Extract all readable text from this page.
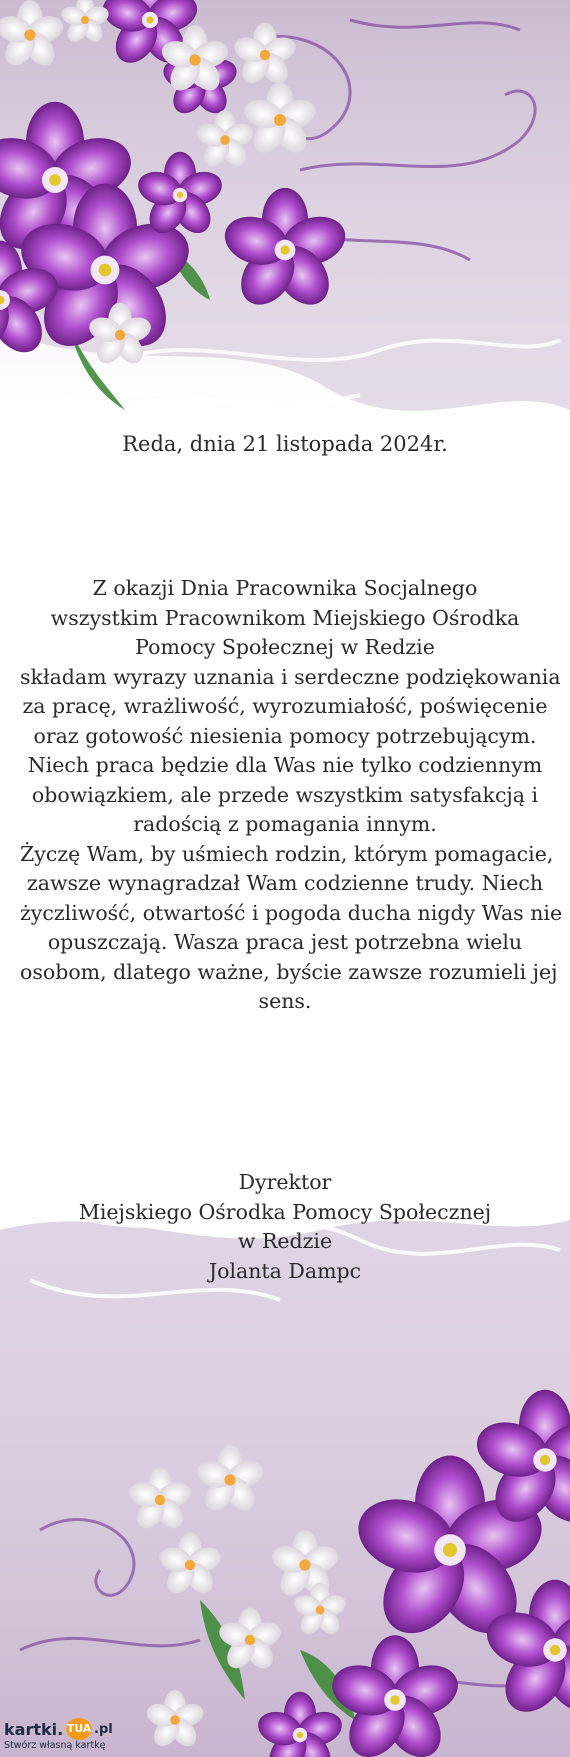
Reda, dnia 21 listopada 2024r.
Z okazji Dnia Pracownika Socjalnego
wszystkim Pracownikom Miejskiego Ośrodka
Pomocy Społecznej w Redzie
składam wyrazy uznania i serdeczne podziękowania
za pracę, wrażliwość, wyrozumiałość, poświęcenie
oraz gotowość niesienia pomocy potrzebującym.
Niech praca będzie dla Was nie tylko codziennym
obowiązkiem, ale przede wszystkim satysfakcją i
radością z pomagania innym.
Życzę Wam, by uśmiech rodzin, którym pomagacie,
zawsze wynagradzał Wam codzienne trudy. Niech
życzliwość, otwartość i pogoda ducha nigdy Was nie
opuszczają. Wasza praca jest potrzebna wielu
osobom, dlatego ważne, byście zawsze rozumieli jej
sens.
Dyrektor
Miejskiego Ośrodka Pomocy Społecznej
w Redzie
Jolanta Dampc
kartki. TUA .pl
Stwórz własną kartkę
